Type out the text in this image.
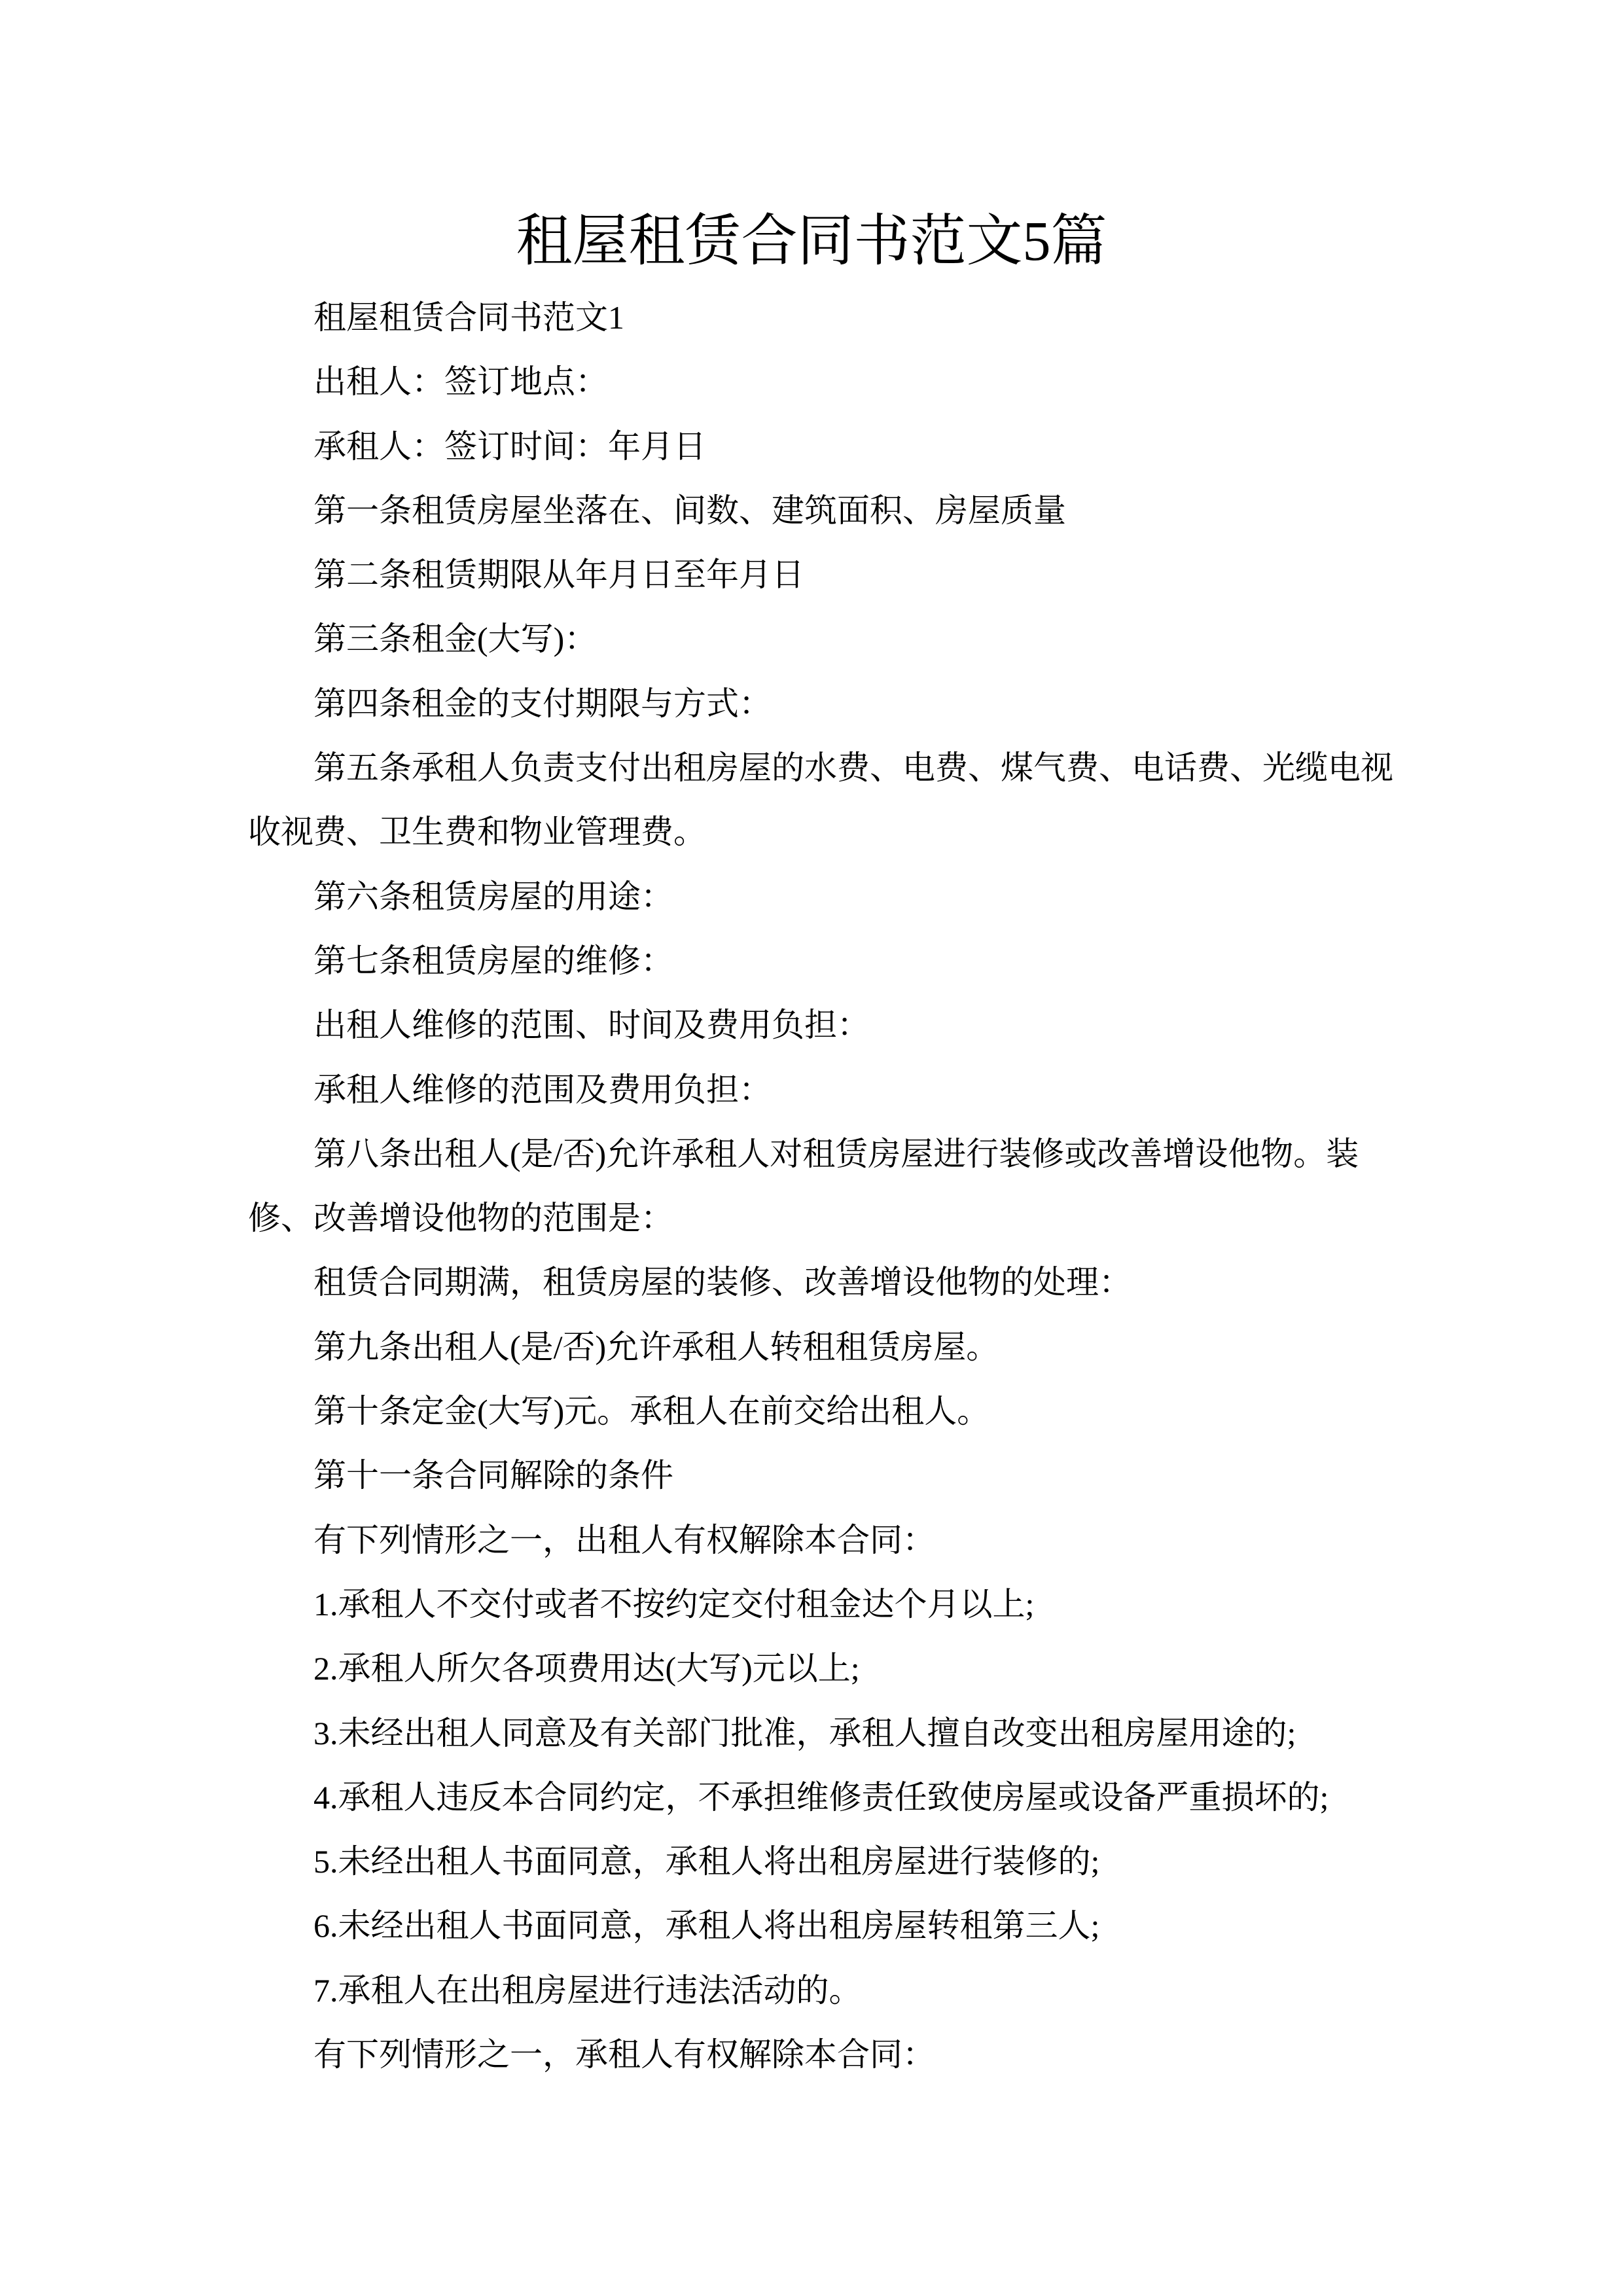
租屋租赁合同书范文5篇

租屋租赁合同书范文1

出租人：签订地点：

承租人：签订时间：年月日

第一条租赁房屋坐落在、间数、建筑面积、房屋质量

第二条租赁期限从年月日至年月日

第三条租金(大写)：

第四条租金的支付期限与方式：

第五条承租人负责支付出租房屋的水费、电费、煤气费、电话费、光缆电视收视费、卫生费和物业管理费。

第六条租赁房屋的用途：

第七条租赁房屋的维修：

出租人维修的范围、时间及费用负担：

承租人维修的范围及费用负担：

第八条出租人(是/否)允许承租人对租赁房屋进行装修或改善增设他物。装修、改善增设他物的范围是：

租赁合同期满，租赁房屋的装修、改善增设他物的处理：

第九条出租人(是/否)允许承租人转租租赁房屋。

第十条定金(大写)元。承租人在前交给出租人。

第十一条合同解除的条件

有下列情形之一，出租人有权解除本合同：

1.承租人不交付或者不按约定交付租金达个月以上;

2.承租人所欠各项费用达(大写)元以上;

3.未经出租人同意及有关部门批准，承租人擅自改变出租房屋用途的;

4.承租人违反本合同约定，不承担维修责任致使房屋或设备严重损坏的;

5.未经出租人书面同意，承租人将出租房屋进行装修的;

6.未经出租人书面同意，承租人将出租房屋转租第三人;

7.承租人在出租房屋进行违法活动的。

有下列情形之一，承租人有权解除本合同：
